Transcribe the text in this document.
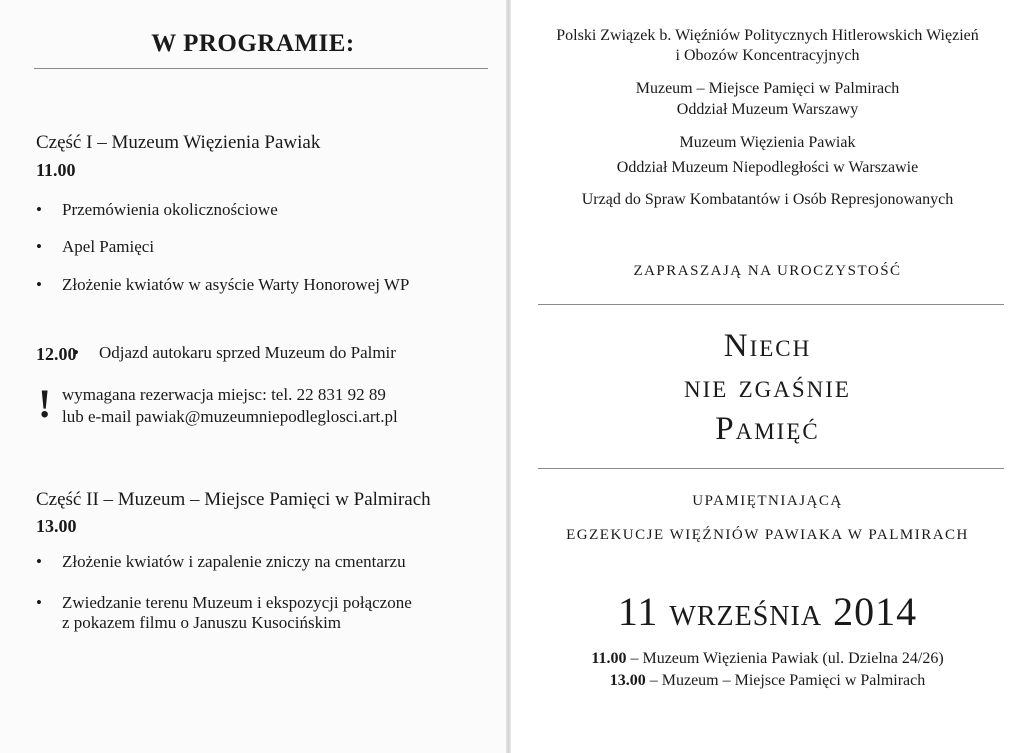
W PROGRAMIE:
Część I – Muzeum Więzienia Pawiak
11.00
• Przemówienia okolicznościowe
• Apel Pamięci
• Złożenie kwiatów w asyście Warty Honorowej WP
12.00
• Odjazd autokaru sprzed Muzeum do Palmir
! wymagana rezerwacja miejsc: tel. 22 831 92 89
lub e-mail pawiak@muzeumniepodleglosci.art.pl
Część II – Muzeum – Miejsce Pamięci w Palmirach
13.00
• Złożenie kwiatów i zapalenie zniczy na cmentarzu
• Zwiedzanie terenu Muzeum i ekspozycji połączone
z pokazem filmu o Januszu Kusocińskim
Polski Związek b. Więźniów Politycznych Hitlerowskich Więzień
i Obozów Koncentracyjnych
Muzeum – Miejsce Pamięci w Palmirach
Oddział Muzeum Warszawy
Muzeum Więzienia Pawiak
Oddział Muzeum Niepodległości w Warszawie
Urząd do Spraw Kombatantów i Osób Represjonowanych
ZAPRASZAJĄ NA UROCZYSTOŚĆ
Niech
nie zgaśnie
Pamięć
UPAMIĘTNIAJĄCĄ
EGZEKUCJE WIĘŹNIÓW PAWIAKA W PALMIRACH
11 września 2014
11.00 – Muzeum Więzienia Pawiak (ul. Dzielna 24/26)
13.00 – Muzeum – Miejsce Pamięci w Palmirach
